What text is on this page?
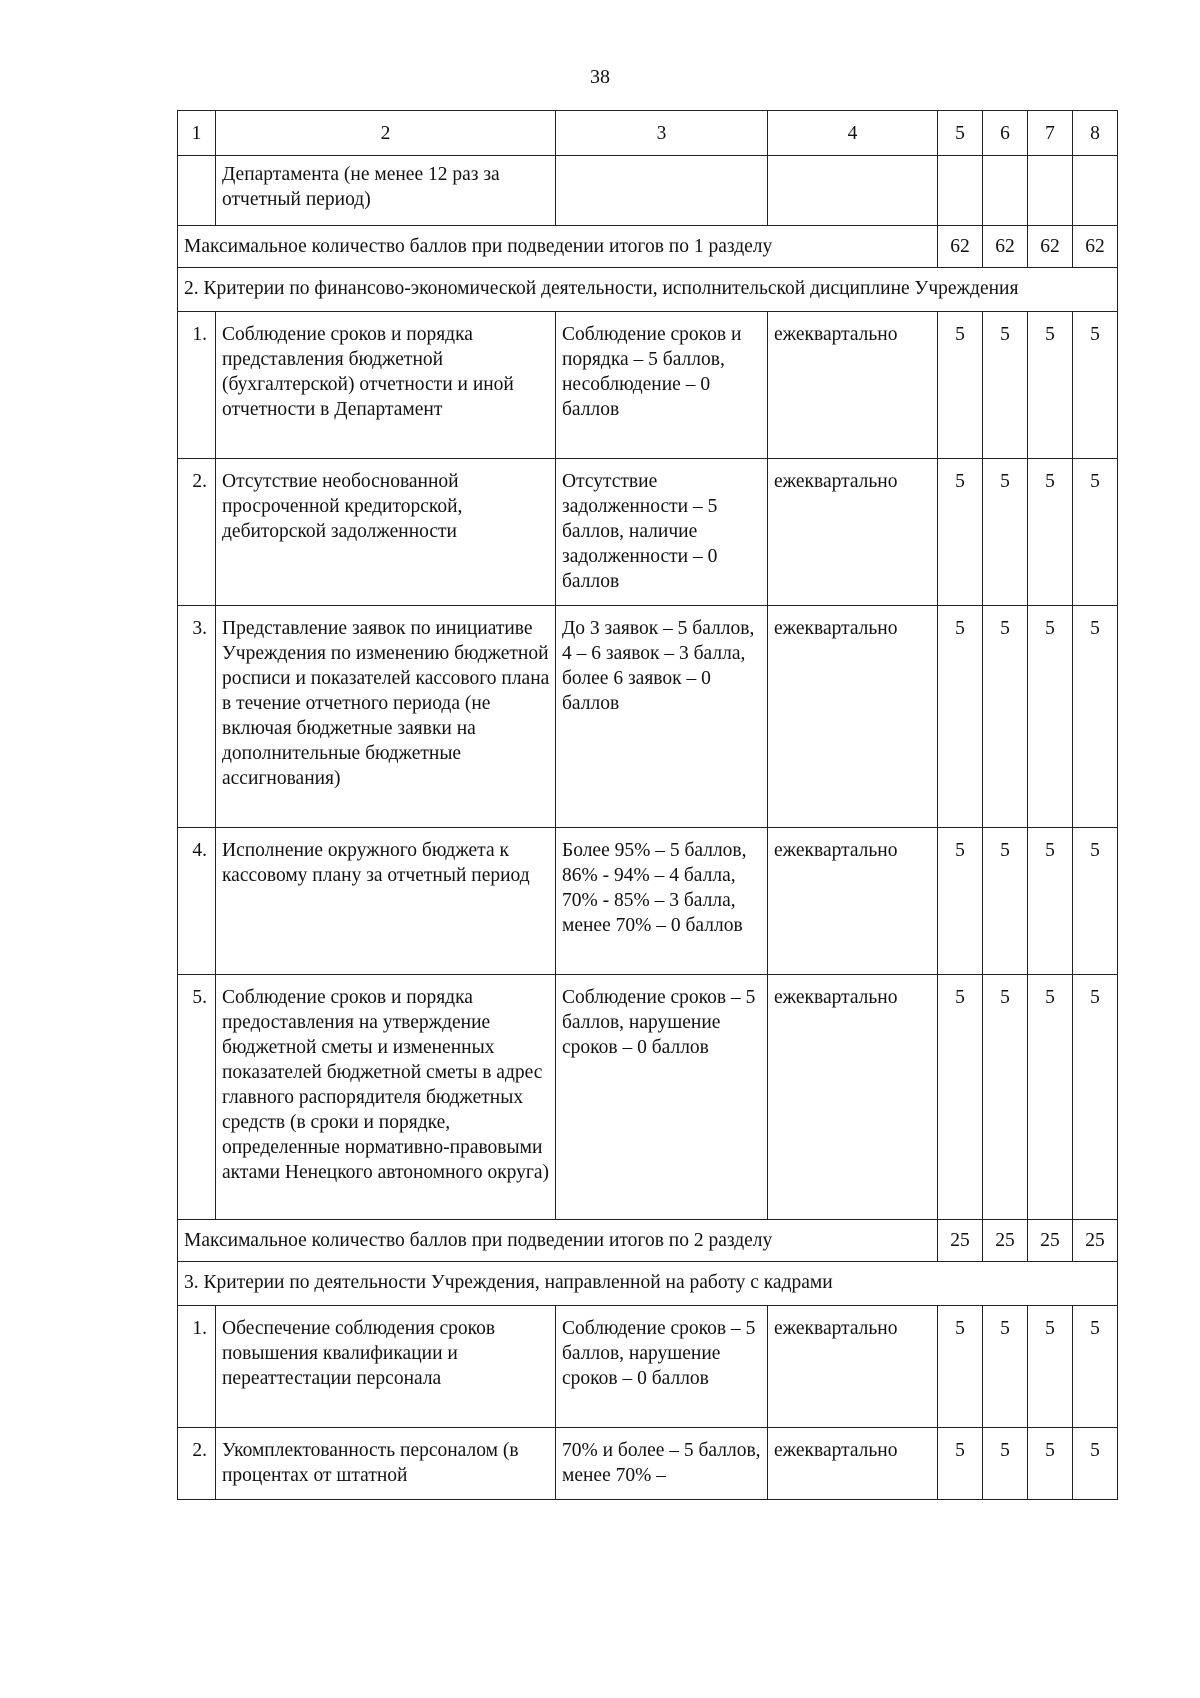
38
1	2	3	4	5	6	7	8
	Департамента (не менее 12 раз за отчетный период)						
Максимальное количество баллов при подведении итогов по 1 разделу				62	62	62	62
2. Критерии по финансово-экономической деятельности, исполнительской дисциплине Учреждения							
1.	Соблюдение сроков и порядка представления бюджетной (бухгалтерской) отчетности и иной отчетности в Департамент	Соблюдение сроков и порядка – 5 баллов, несоблюдение – 0 баллов	ежеквартально	5	5	5	5
2.	Отсутствие необоснованной просроченной кредиторской, дебиторской задолженности	Отсутствие задолженности – 5 баллов, наличие задолженности – 0 баллов	ежеквартально	5	5	5	5
3.	Представление заявок по инициативе Учреждения по изменению бюджетной росписи и показателей кассового плана в течение отчетного периода (не включая бюджетные заявки на дополнительные бюджетные ассигнования)	До 3 заявок – 5 баллов, 4 – 6 заявок – 3 балла, более 6 заявок – 0 баллов	ежеквартально	5	5	5	5
4.	Исполнение окружного бюджета к кассовому плану за отчетный период	Более 95% – 5 баллов, 86% - 94% – 4 балла, 70% - 85% – 3 балла, менее 70% – 0 баллов	ежеквартально	5	5	5	5
5.	Соблюдение сроков и порядка предоставления на утверждение бюджетной сметы и измененных показателей бюджетной сметы в адрес главного распорядителя бюджетных средств (в сроки и порядке, определенные нормативно-правовыми актами Ненецкого автономного округа)	Соблюдение сроков – 5 баллов, нарушение сроков – 0 баллов	ежеквартально	5	5	5	5
Максимальное количество баллов при подведении итогов по 2 разделу				25	25	25	25
3. Критерии по деятельности Учреждения, направленной на работу с кадрами							
1.	Обеспечение соблюдения сроков повышения квалификации и переаттестации персонала	Соблюдение сроков – 5 баллов, нарушение сроков – 0 баллов	ежеквартально	5	5	5	5
2.	Укомплектованность персоналом (в процентах от штатной	70% и более – 5 баллов, менее 70% –	ежеквартально	5	5	5	5
